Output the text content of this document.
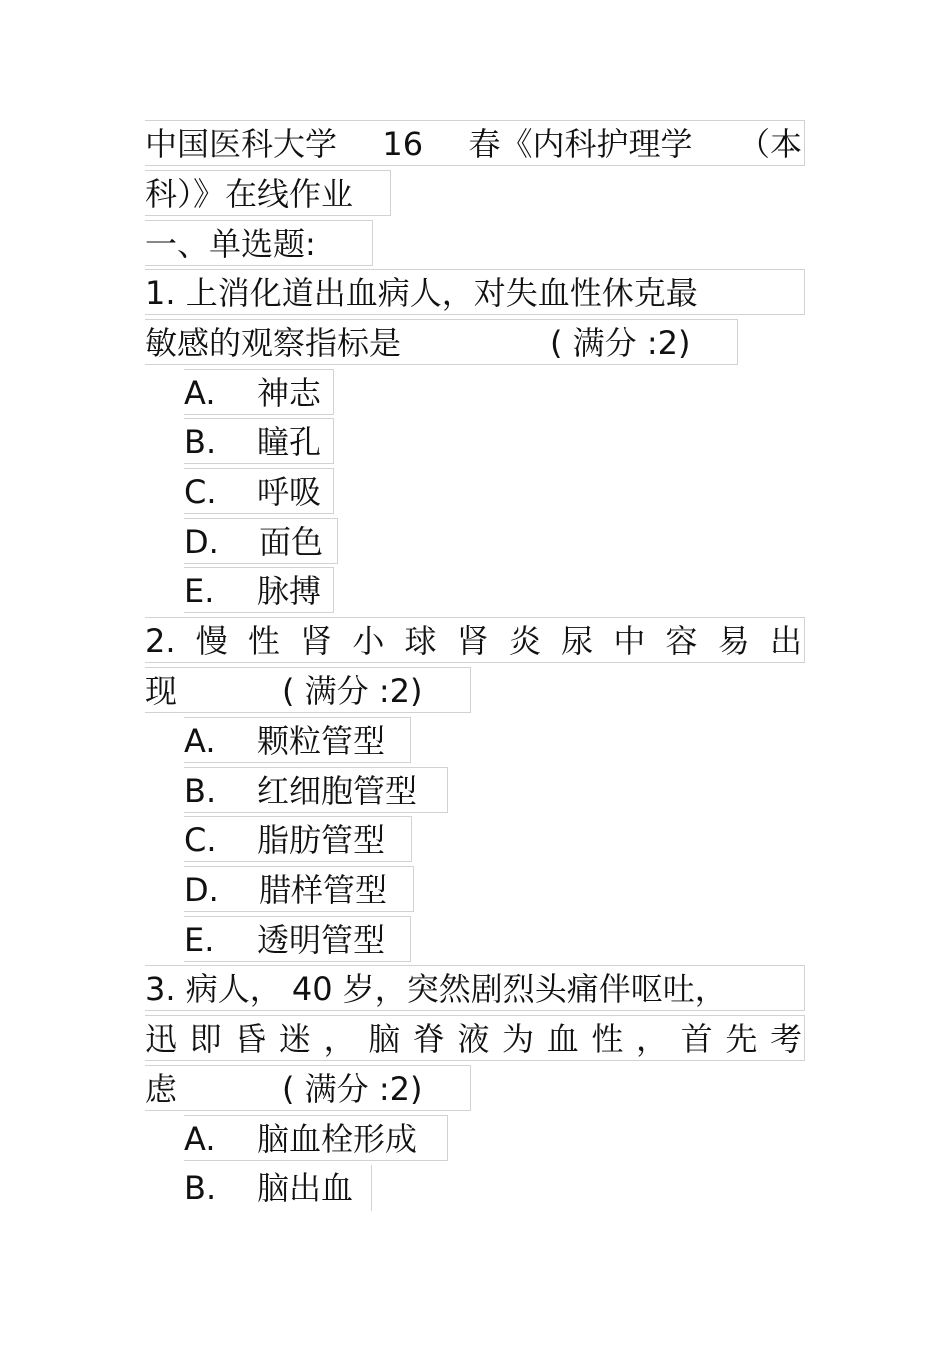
中国医科大学 16 春《内科护理学 （本
科）》在线作业
一、单选题:
1. 上消化道出血病人，对失血性休克最
敏感的观察指标是	( 满分 :2)
A. 神志
B. 瞳孔
C. 呼吸
D. 面色
E. 脉搏
2. 慢 性 肾 小 球 肾 炎 尿 中 容 易 出
现	( 满分 :2)
A. 颗粒管型
B. 红细胞管型
C. 脂肪管型
D. 腊样管型
E. 透明管型
3. 病人， 40 岁，突然剧烈头痛伴呕吐，
迅 即 昏 迷 ， 脑 脊 液 为 血 性 ， 首 先 考
虑	( 满分 :2)
A. 脑血栓形成
B. 脑出血
